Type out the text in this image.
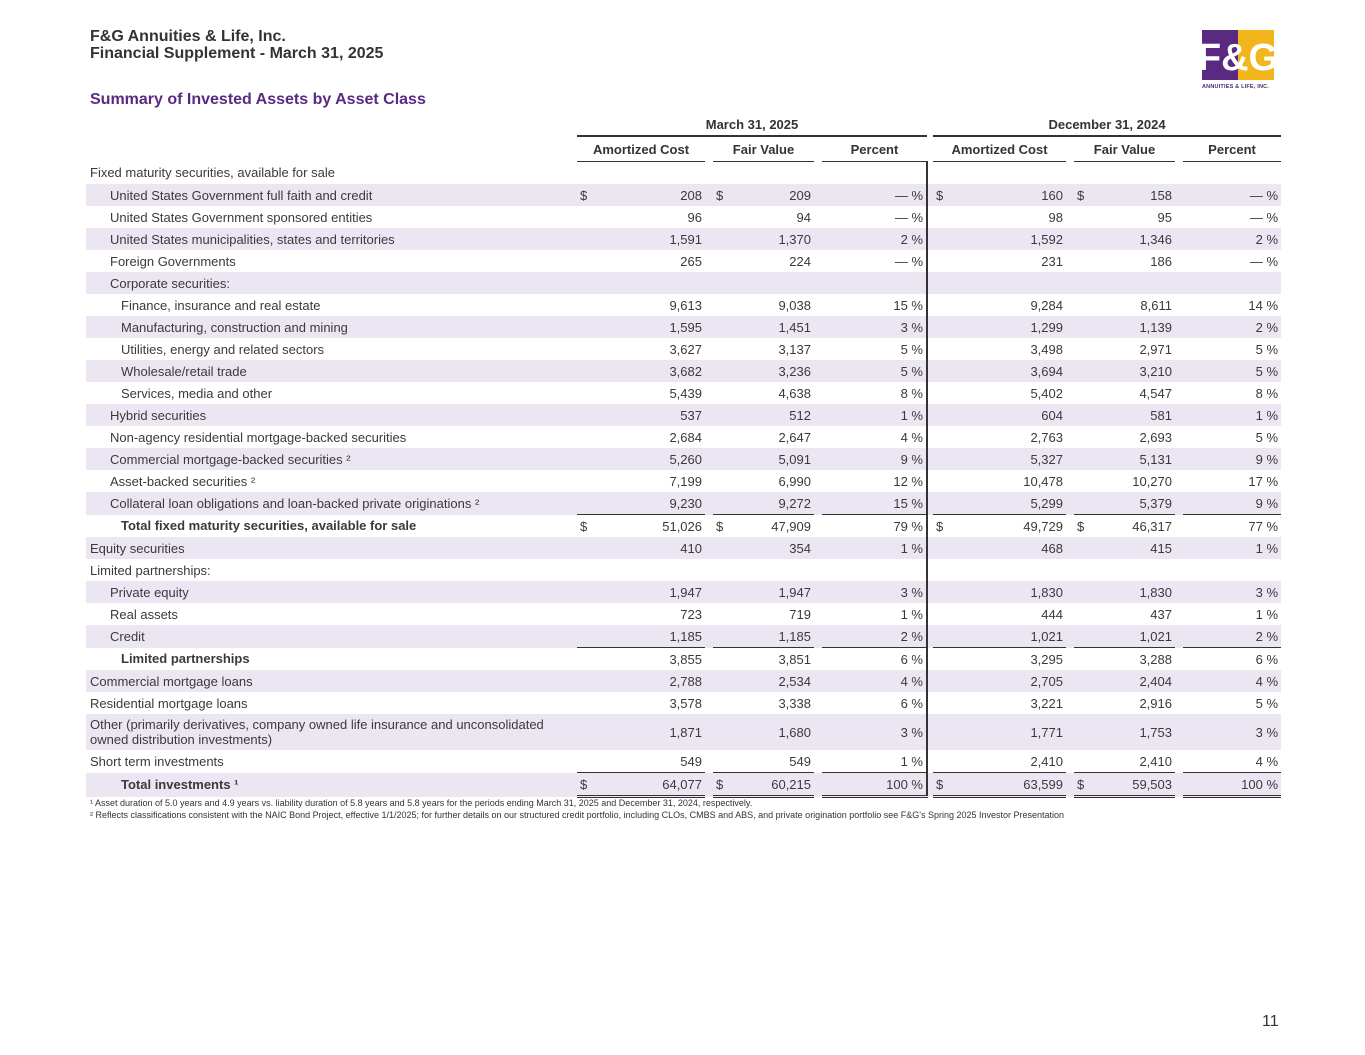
F&G Annuities & Life, Inc.
Financial Supplement - March 31, 2025	F&G
ANNUITIES & LIFE, INC.
Summary of Invested Assets by Asset Class
		March 31, 2025						December 31, 2024				
		Amortized Cost		Fair Value		Percent		Amortized Cost		Fair Value		Percent
Fixed maturity securities, available for sale												
United States Government full faith and credit		$ 208		$ 209		— %		$ 160		$ 158		— %
United States Government sponsored entities		96		94		— %		98		95		— %
United States municipalities, states and territories		1,591		1,370		2 %		1,592		1,346		2 %
Foreign Governments		265		224		— %		231		186		— %
Corporate securities:												
Finance, insurance and real estate		9,613		9,038		15 %		9,284		8,611		14 %
Manufacturing, construction and mining		1,595		1,451		3 %		1,299		1,139		2 %
Utilities, energy and related sectors		3,627		3,137		5 %		3,498		2,971		5 %
Wholesale/retail trade		3,682		3,236		5 %		3,694		3,210		5 %
Services, media and other		5,439		4,638		8 %		5,402		4,547		8 %
Hybrid securities		537		512		1 %		604		581		1 %
Non-agency residential mortgage-backed securities		2,684		2,647		4 %		2,763		2,693		5 %
Commercial mortgage-backed securities ²		5,260		5,091		9 %		5,327		5,131		9 %
Asset-backed securities ²		7,199		6,990		12 %		10,478		10,270		17 %
Collateral loan obligations and loan-backed private originations ²		9,230		9,272		15 %		5,299		5,379		9 %
Total fixed maturity securities, available for sale		$ 51,026		$ 47,909		79 %		$ 49,729		$ 46,317		77 %
Equity securities		410		354		1 %		468		415		1 %
Limited partnerships:												
Private equity		1,947		1,947		3 %		1,830		1,830		3 %
Real assets		723		719		1 %		444		437		1 %
Credit		1,185		1,185		2 %		1,021		1,021		2 %
Limited partnerships		3,855		3,851		6 %		3,295		3,288		6 %
Commercial mortgage loans		2,788		2,534		4 %		2,705		2,404		4 %
Residential mortgage loans		3,578		3,338		6 %		3,221		2,916		5 %
Other (primarily derivatives, company owned life insurance and unconsolidated owned distribution investments)		1,871		1,680		3 %		1,771		1,753		3 %
Short term investments		549		549		1 %		2,410		2,410		4 %
Total investments ¹		$ 64,077		$ 60,215		100 %		$ 63,599		$ 59,503		100 %
¹ Asset duration of 5.0 years and 4.9 years vs. liability duration of 5.8 years and 5.8 years for the periods ending March 31, 2025 and December 31, 2024, respectively.
² Reflects classifications consistent with the NAIC Bond Project, effective 1/1/2025; for further details on our structured credit portfolio, including CLOs, CMBS and ABS, and private origination portfolio see F&G's Spring 2025 Investor Presentation
11
